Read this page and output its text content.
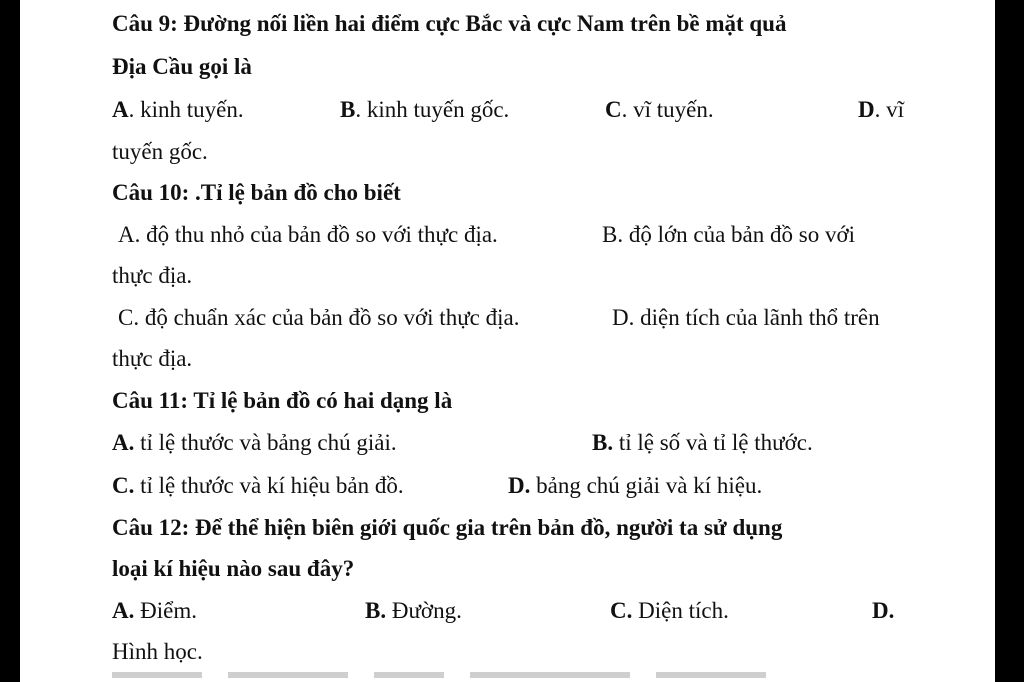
Câu 9: Đường nối liền hai điểm cực Bắc và cực Nam trên bề mặt quả
Địa Cầu gọi là
A. kinh tuyến.	B. kinh tuyến gốc.	C. vĩ tuyến.	D. vĩ
tuyến gốc.
Câu 10: .Tỉ lệ bản đồ cho biết
A. độ thu nhỏ của bản đồ so với thực địa.	B. độ lớn của bản đồ so với
thực địa.
C. độ chuẩn xác của bản đồ so với thực địa.	D. diện tích của lãnh thổ trên
thực địa.
Câu 11: Tỉ lệ bản đồ có hai dạng là
A. tỉ lệ thước và bảng chú giải.	B. tỉ lệ số và tỉ lệ thước.
C. tỉ lệ thước và kí hiệu bản đồ.	D. bảng chú giải và kí hiệu.
Câu 12: Để thể hiện biên giới quốc gia trên bản đồ, người ta sử dụng
loại kí hiệu nào sau đây?
A. Điểm.	B. Đường.	C. Diện tích.	D.
Hình học.
